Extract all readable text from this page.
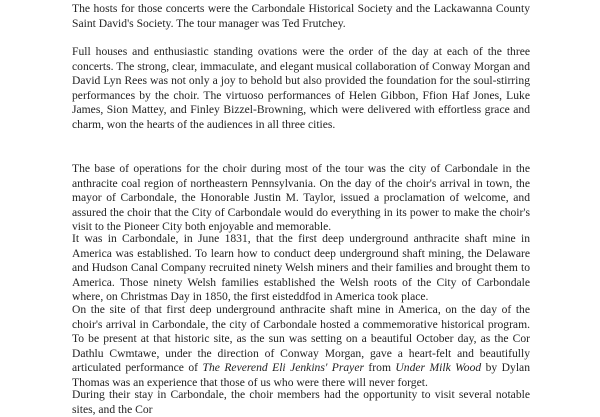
The hosts for those concerts were the Carbondale Historical Society and the Lackawanna County Saint David's Society. The tour manager was Ted Frutchey.

Full houses and enthusiastic standing ovations were the order of the day at each of the three concerts. The strong, clear, immaculate, and elegant musical collaboration of Conway Morgan and David Lyn Rees was not only a joy to behold but also provided the foundation for the soul-stirring performances by the choir. The virtuoso performances of Helen Gibbon, Ffion Haf Jones, Luke James, Sion Mattey, and Finley Bizzel-Browning, which were delivered with effortless grace and charm, won the hearts of the audiences in all three cities.

The base of operations for the choir during most of the tour was the city of Carbondale in the anthracite coal region of northeastern Pennsylvania. On the day of the choir's arrival in town, the mayor of Carbondale, the Honorable Justin M. Taylor, issued a proclamation of welcome, and assured the choir that the City of Carbondale would do everything in its power to make the choir's visit to the Pioneer City both enjoyable and memorable.

It was in Carbondale, in June 1831, that the first deep underground anthracite shaft mine in America was established. To learn how to conduct deep underground shaft mining, the Delaware and Hudson Canal Company recruited ninety Welsh miners and their families and brought them to America. Those ninety Welsh families established the Welsh roots of the City of Carbondale where, on Christmas Day in 1850, the first eisteddfod in America took place.

On the site of that first deep underground anthracite shaft mine in America, on the day of the choir's arrival in Carbondale, the city of Carbondale hosted a commemorative historical program. To be present at that historic site, as the sun was setting on a beautiful October day, as the Cor Dathlu Cwmtawe, under the direction of Conway Morgan, gave a heart-felt and beautifully articulated performance of The Reverend Eli Jenkins' Prayer from Under Milk Wood by Dylan Thomas was an experience that those of us who were there will never forget.

During their stay in Carbondale, the choir members had the opportunity to visit several notable sites, and the Cor
